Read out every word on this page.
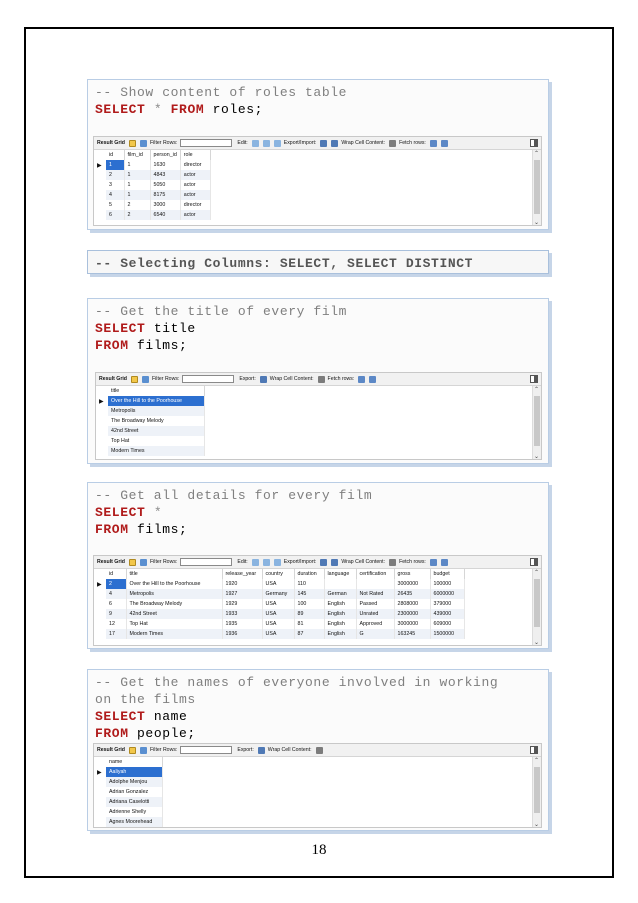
-- Show content of roles table
SELECT * FROM roles;
Result Grid	Filter Rows:	Edit:	Export/Import:	Wrap Cell Content:	Fetch rows:
▶
id	film_id	person_id	role
1	1	1630	director
2	1	4843	actor
3	1	5050	actor
4	1	8175	actor
5	2	3000	director
6	2	6540	actor
⌃
⌄
-- Selecting Columns: SELECT, SELECT DISTINCT
-- Get the title of every film
SELECT title
FROM films;
Result Grid	Filter Rows:	Export:	Wrap Cell Content:	Fetch rows:
▶
title
Over the Hill to the Poorhouse
Metropolis
The Broadway Melody
42nd Street
Top Hat
Modern Times
⌃
⌄
-- Get all details for every film
SELECT *
FROM films;
Result Grid	Filter Rows:	Edit:	Export/Import:	Wrap Cell Content:	Fetch rows:
▶
id	title	release_year	country	duration	language	certification	gross	budget
2	Over the Hill to the Poorhouse	1920	USA	110			3000000	100000
4	Metropolis	1927	Germany	145	German	Not Rated	26435	6000000
6	The Broadway Melody	1929	USA	100	English	Passed	2808000	379000
9	42nd Street	1933	USA	89	English	Unrated	2300000	439000
12	Top Hat	1935	USA	81	English	Approved	3000000	609000
17	Modern Times	1936	USA	87	English	G	163245	1500000
⌃
⌄
-- Get the names of everyone involved in working
on the films
SELECT name
FROM people;
Result Grid	Filter Rows:	Export:	Wrap Cell Content:
▶
name
Aaliyah
Adolphe Menjou
Adrian Gonzalez
Adriana Caselotti
Adrienne Shelly
Agnes Moorehead
⌃
⌄
18
